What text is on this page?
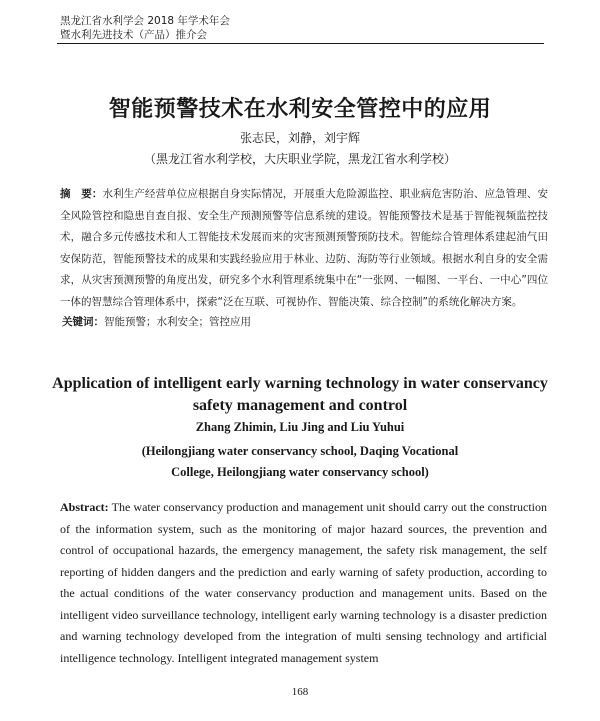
黑龙江省水利学会 2018 年学术年会
暨水利先进技术（产品）推介会
智能预警技术在水利安全管控中的应用
张志民，刘静，刘宇辉
（黑龙江省水利学校，大庆职业学院，黑龙江省水利学校）
摘　要：水利生产经营单位应根据自身实际情况，开展重大危险源监控、职业病危害防治、应急管理、安全风险管控和隐患自查自报、安全生产预测预警等信息系统的建设。智能预警技术是基于智能视频监控技术，融合多元传感技术和人工智能技术发展而来的灾害预测预警预防技术。智能综合管理体系建起油气田安保防范，智能预警技术的成果和实践经验应用于林业、边防、海防等行业领域。根据水利自身的安全需求，从灾害预测预警的角度出发，研究多个水利管理系统集中在“一张网、一幅图、一平台、一中心”四位一体的智慧综合管理体系中，探索“泛在互联、可视协作、智能决策、综合控制”的系统化解决方案。
关键词：智能预警；水利安全；管控应用
Application of intelligent early warning technology in water conservancy
safety management and control
Zhang Zhimin, Liu Jing and Liu Yuhui
(Heilongjiang water conservancy school, Daqing Vocational
College, Heilongjiang water conservancy school)
Abstract: The water conservancy production and management unit should carry out the construction of the information system, such as the monitoring of major hazard sources, the prevention and control of occupational hazards, the emergency management, the safety risk management, the self reporting of hidden dangers and the prediction and early warning of safety production, according to the actual conditions of the water conservancy production and management units. Based on the intelligent video surveillance technology, intelligent early warning technology is a disaster prediction and warning technology developed from the integration of multi sensing technology and artificial intelligence technology. Intelligent integrated management system
168
